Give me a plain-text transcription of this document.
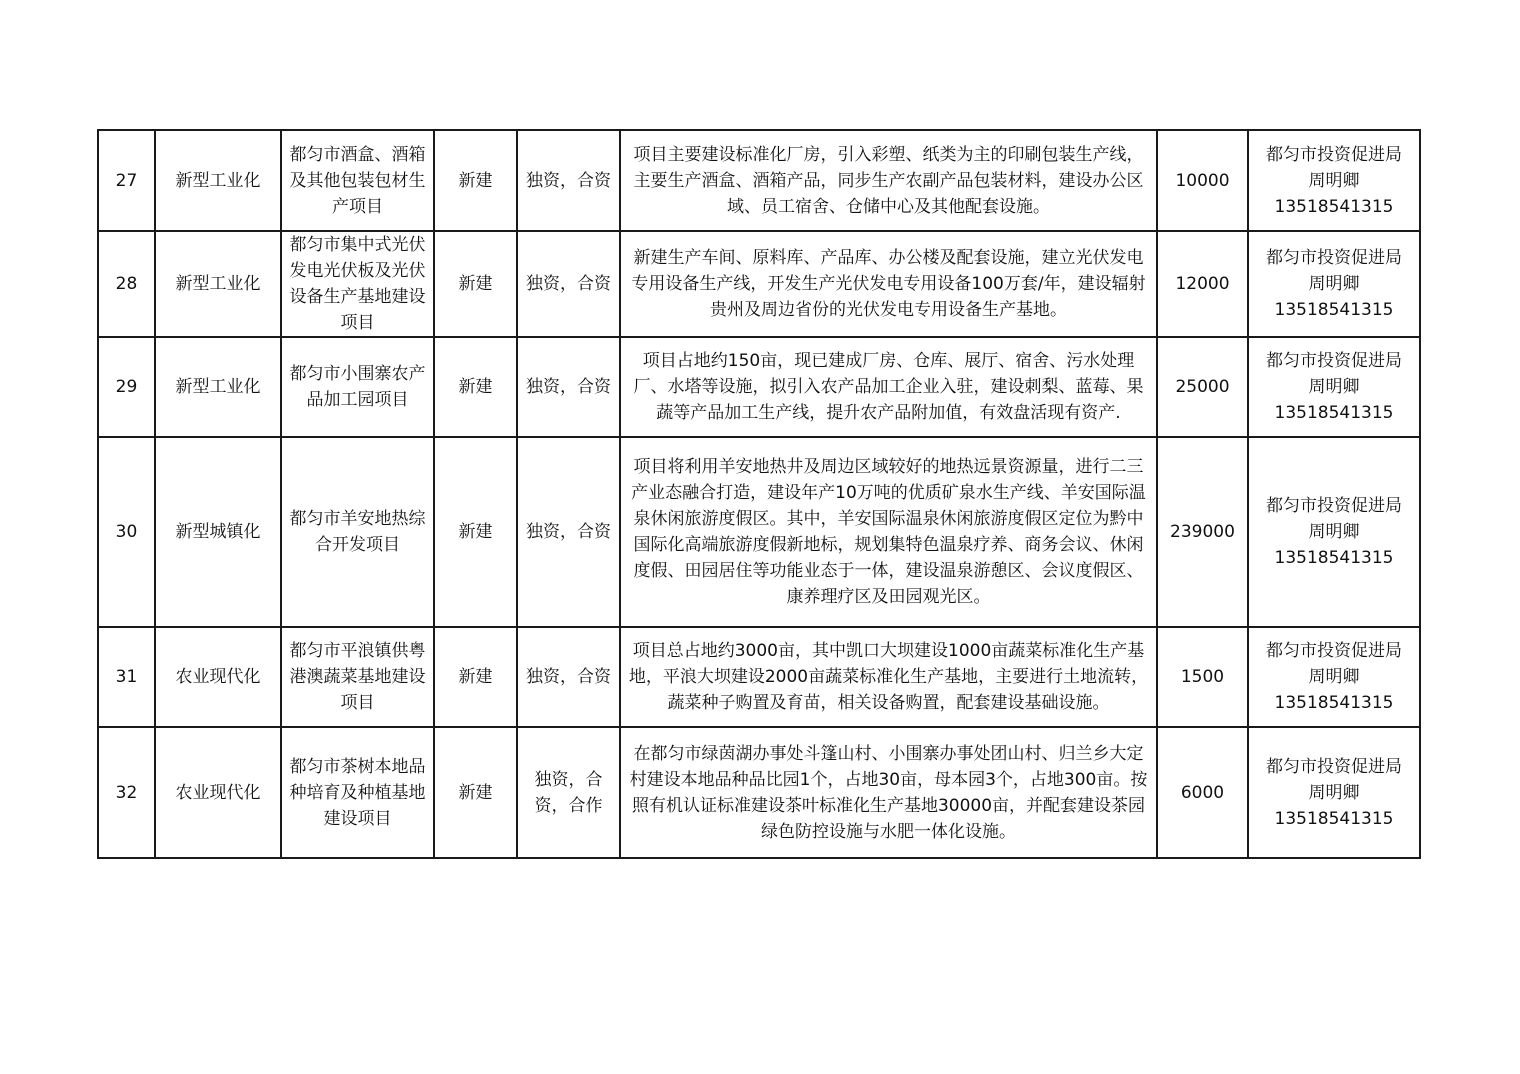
27	新型工业化	都匀市酒盒、酒箱及其他包装包材生产项目	新建	独资，合资	项目主要建设标准化厂房，引入彩塑、纸类为主的印刷包装生产线，主要生产酒盒、酒箱产品，同步生产农副产品包装材料，建设办公区域、员工宿舍、仓储中心及其他配套设施。	10000	都匀市投资促进局
周明卿
13518541315

28	新型工业化	都匀市集中式光伏发电光伏板及光伏设备生产基地建设项目	新建	独资，合资	新建生产车间、原料库、产品库、办公楼及配套设施，建立光伏发电专用设备生产线，开发生产光伏发电专用设备100万套/年，建设辐射贵州及周边省份的光伏发电专用设备生产基地。	12000	都匀市投资促进局
周明卿
13518541315

29	新型工业化	都匀市小围寨农产品加工园项目	新建	独资，合资	项目占地约150亩，现已建成厂房、仓库、展厅、宿舍、污水处理厂、水塔等设施，拟引入农产品加工企业入驻，建设刺梨、蓝莓、果蔬等产品加工生产线，提升农产品附加值，有效盘活现有资产.	25000	都匀市投资促进局
周明卿
13518541315

30	新型城镇化	都匀市羊安地热综合开发项目	新建	独资，合资	项目将利用羊安地热井及周边区域较好的地热远景资源量，进行二三产业态融合打造，建设年产10万吨的优质矿泉水生产线、羊安国际温泉休闲旅游度假区。其中，羊安国际温泉休闲旅游度假区定位为黔中国际化高端旅游度假新地标，规划集特色温泉疗养、商务会议、休闲度假、田园居住等功能业态于一体，建设温泉游憩区、会议度假区、康养理疗区及田园观光区。	239000	都匀市投资促进局
周明卿
13518541315

31	农业现代化	都匀市平浪镇供粤港澳蔬菜基地建设项目	新建	独资，合资	项目总占地约3000亩，其中凯口大坝建设1000亩蔬菜标准化生产基地，平浪大坝建设2000亩蔬菜标准化生产基地，主要进行土地流转，蔬菜种子购置及育苗，相关设备购置，配套建设基础设施。	1500	都匀市投资促进局
周明卿
13518541315

32	农业现代化	都匀市茶树本地品种培育及种植基地建设项目	新建	独资，合资，合作	在都匀市绿茵湖办事处斗篷山村、小围寨办事处团山村、归兰乡大定村建设本地品种品比园1个，占地30亩，母本园3个，占地300亩。按照有机认证标准建设茶叶标准化生产基地30000亩，并配套建设茶园绿色防控设施与水肥一体化设施。	6000	都匀市投资促进局
周明卿
13518541315
